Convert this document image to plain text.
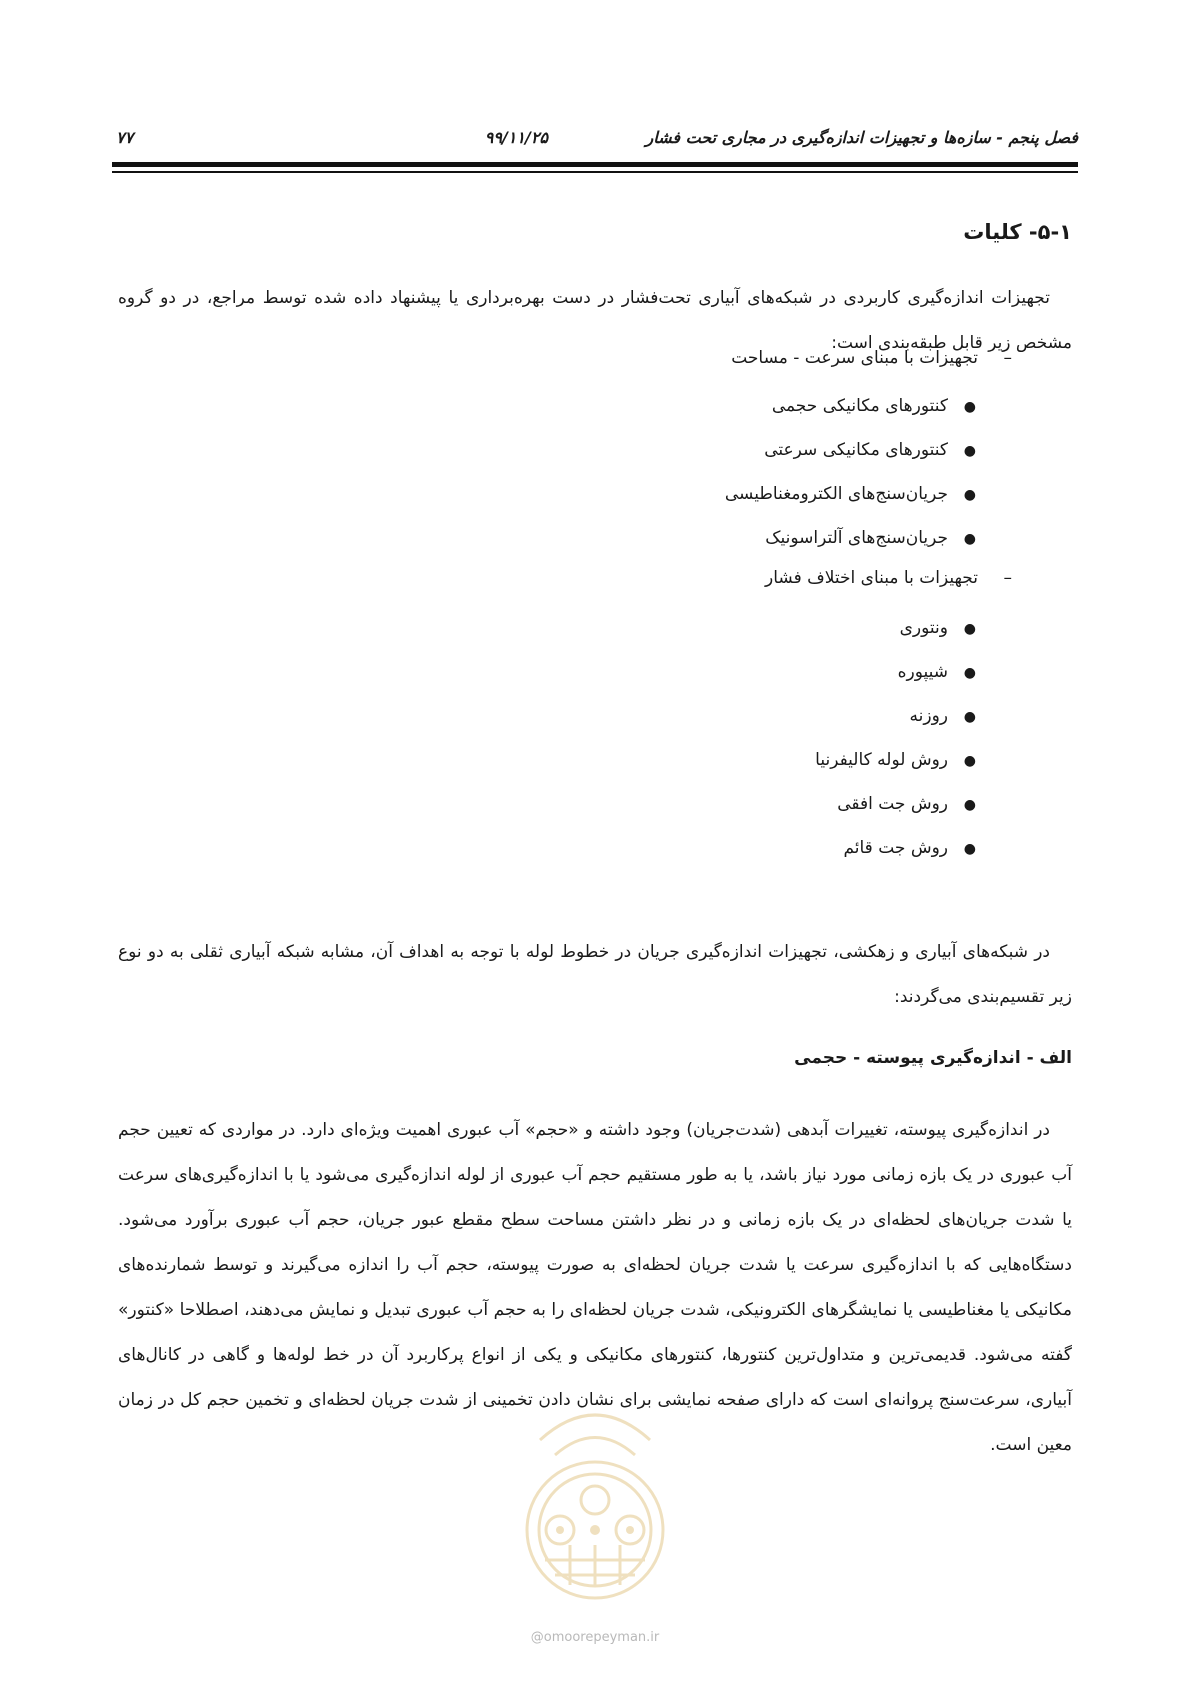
فصل پنجم - سازه‌ها و تجهیزات اندازه‌گیری در مجاری تحت فشار
۹۹/۱۱/۲۵
۷۷
۵-۱- کلیات
تجهیزات اندازه‌گیری کاربردی در شبکه‌های آبیاری تحت‌فشار در دست بهره‌برداری یا پیشنهاد داده شده توسط مراجع، در دو گروه مشخص زیر قابل طبقه‌بندی است:
–تجهیزات با مبنای سرعت - مساحت
●کنتورهای مکانیکی حجمی
●کنتورهای مکانیکی سرعتی
●جریان‌سنج‌های الکترومغناطیسی
●جریان‌سنج‌های آلتراسونیک
–تجهیزات با مبنای اختلاف فشار
●ونتوری
●شیپوره
●روزنه
●روش لوله کالیفرنیا
●روش جت افقی
●روش جت قائم
در شبکه‌های آبیاری و زهکشی، تجهیزات اندازه‌گیری جریان در خطوط لوله با توجه به اهداف آن، مشابه شبکه آبیاری ثقلی به دو نوع زیر تقسیم‌بندی می‌گردند:
الف - اندازه‌گیری پیوسته - حجمی
در اندازه‌گیری پیوسته، تغییرات آبدهی (شدت‌جریان) وجود داشته و «حجم» آب عبوری اهمیت ویژه‌ای دارد. در مواردی که تعیین حجم آب عبوری در یک بازه زمانی مورد نیاز باشد، یا به طور مستقیم حجم آب عبوری از لوله اندازه‌گیری می‌شود یا با اندازه‌گیری‌های سرعت یا شدت جریان‌های لحظه‌ای در یک بازه زمانی و در نظر داشتن مساحت سطح مقطع عبور جریان، حجم آب عبوری برآورد می‌شود. دستگاه‌هایی که با اندازه‌گیری سرعت یا شدت جریان لحظه‌ای به صورت پیوسته، حجم آب را اندازه می‌گیرند و توسط شمارنده‌های مکانیکی یا مغناطیسی یا نمایشگرهای الکترونیکی، شدت جریان لحظه‌ای را به حجم آب عبوری تبدیل و نمایش می‌دهند، اصطلاحا «کنتور» گفته می‌شود. قدیمی‌ترین و متداول‌ترین کنتورها، کنتورهای مکانیکی و یکی از انواع پرکاربرد آن در خط لوله‌ها و گاهی در کانال‌های آبیاری، سرعت‌سنج پروانه‌ای است که دارای صفحه نمایشی برای نشان دادن تخمینی از شدت جریان لحظه‌ای و تخمین حجم کل در زمان معین است.
@omoorepeyman.ir
